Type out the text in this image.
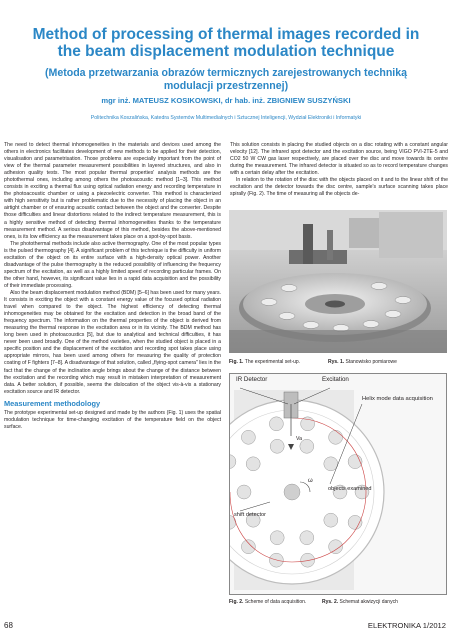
Method of processing of thermal images recorded in the beam displacement modulation technique
(Metoda przetwarzania obrazów termicznych zarejestrowanych techniką modulacji przestrzennej)
mgr inż. MATEUSZ KOSIKOWSKI, dr hab. inż. ZBIGNIEW SUSZYŃSKI
Politechnika Koszalińska, Katedra Systemów Multimedialnych i Sztucznej Inteligencji, Wydział Elektroniki i Informatyki

The need to detect thermal inhomogeneities in the materials and devices used among the others in electronics facilitates development of new methods to be applied for their detection, visualisation and parametrisation. Those problems are especially important from the point of view of the thermal parameter measurement possibilities in layered structures, and also in adhesion quality tests. The most popular thermal properties' analysis methods are the photothermal ones, including among others the photoacoustic method [1–3]. This method consists in exciting a thermal flux using optical radiation energy and recording temperature in the photoacoustic chamber or using a piezoelectric converter. This method is characterized with high sensitivity but is rather problematic due to the necessity of placing the object in an airtight chamber or of ensuring acoustic contact between the object and the converter. Despite those difficulties and linear distortions related to the indirect temperature measurement, this is a highly sensitive method of detecting thermal inhomogeneities thanks to the temperature measurement method. A serious disadvantage of this method, besides the above-mentioned ones, is its low efficiency as the measurement takes place on a spot-by-spot basis.

The photothermal methods include also active thermography. One of the most popular types is the pulsed thermography [4]. A significant problem of this technique is the difficulty in uniform excitation of the object on its entire surface with a high-density optical power. Another disadvantage of the pulse thermography is the reduced possibility of influencing the frequency spectrum of the excitation, as well as a highly limited speed of recording particular frames. On the other hand, however, its significant value lies in a rapid data acquisition and the possibility of their immediate processing.

Also the beam displacement modulation method (BDM) [5–6] has been used for many years. It consists in exciting the object with a constant energy value of the focused optical radiation travel when compared to the object. The highest efficiency of detecting thermal inhomogeneities may be obtained for the excitation and detection in the broad band of the frequency spectrum. The information on the thermal properties of the object is derived from measuring the thermal response in the excitation area or in its vicinity. The BDM method has long been used in photoacoustics [5], but due to analytical and technical difficulties, it has never been used broadly. One of the method varieties, when the studied object is placed in a specific position and the displacement of the excitation and recording spot takes place using appropriate mirrors, has been used among others for measuring the quality of protection coating of F fighters [7–8]. A disadvantage of that solution, called „flying-spot camera" lies in the fact that the change of the inclination angle brings about the change of the distance between the excitation and the recording which may result in mistaken interpretation of measurement data. A better solution, if possible, seems the dislocation of the object vis-à-vis a stationary excitation source and IR detector.

Measurement methodology

The prototype experimental set-up designed and made by the authors (Fig. 1) uses the spatial modulation technique for time-changing excitation of the temperature field on the object surface.

This solution consists in placing the studied objects on a disc rotating with a constant angular velocity [12]. The infrared spot detector and the excitation source, being VIGO PVI-2TE-5 and CO2 50 W CW gas laser respectively, are placed over the disc and move towards its centre during the measurement. The infrared detector is situated so as to record temperature changes with a certain delay after the excitation.

In relation to the rotation of the disc with the objects placed on it and to the linear shift of the excitation and the detector towards the disc centre, sample's surface scanning takes place spirally (Fig. 2). The time of measuring all the objects de-

Fig. 1. The experimental set-up.	Rys. 1. Stanowisko pomiarowe
IR Detector	Excitation
Helix mode data acquisition
Va
ω
objects examined
shift detector
Fig. 2. Scheme of data acquisition.	Rys. 2. Schemat akwizycji danych
68	ELEKTRONIKA 1/2012
